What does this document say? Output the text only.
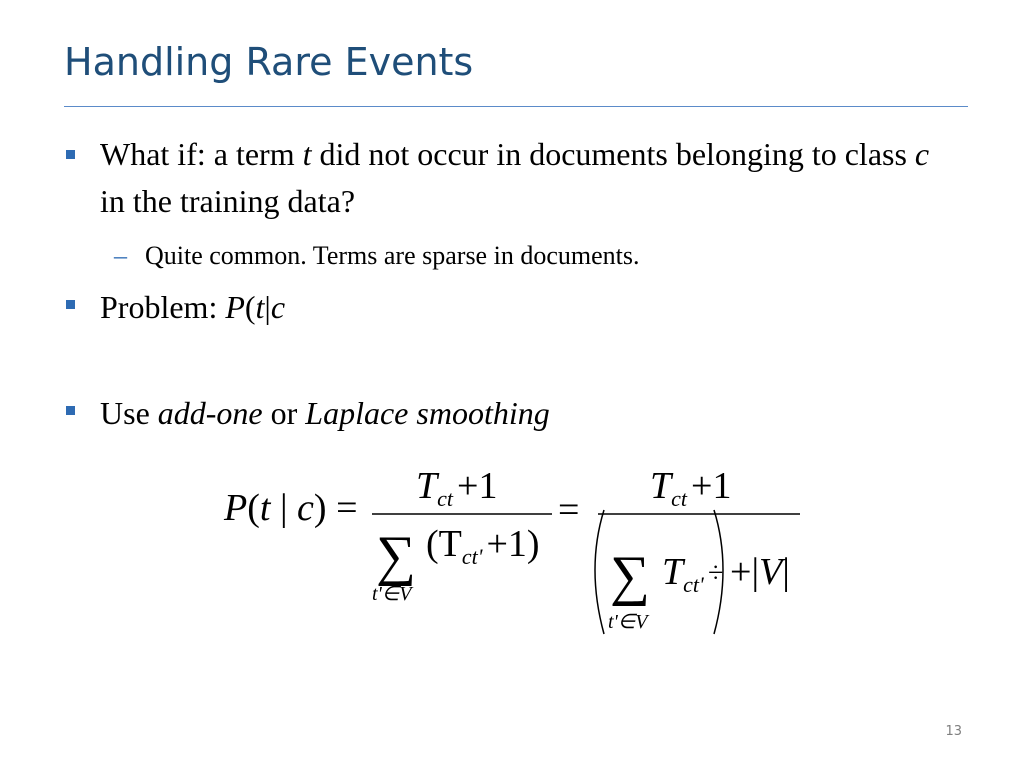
Handling Rare Events
What if: a term t did not occur in documents belonging to class c in the training data?
– Quite common. Terms are sparse in documents.
Problem: P(t|c
Use add-one or Laplace smoothing
P(t | c) =
$T_{ct} +1$
∑ $(T_{ct'} +1)$
t'∈V
=
$T_{ct} +1$
∑ $T_{ct'} \div +|V|$
t'∈V
13
